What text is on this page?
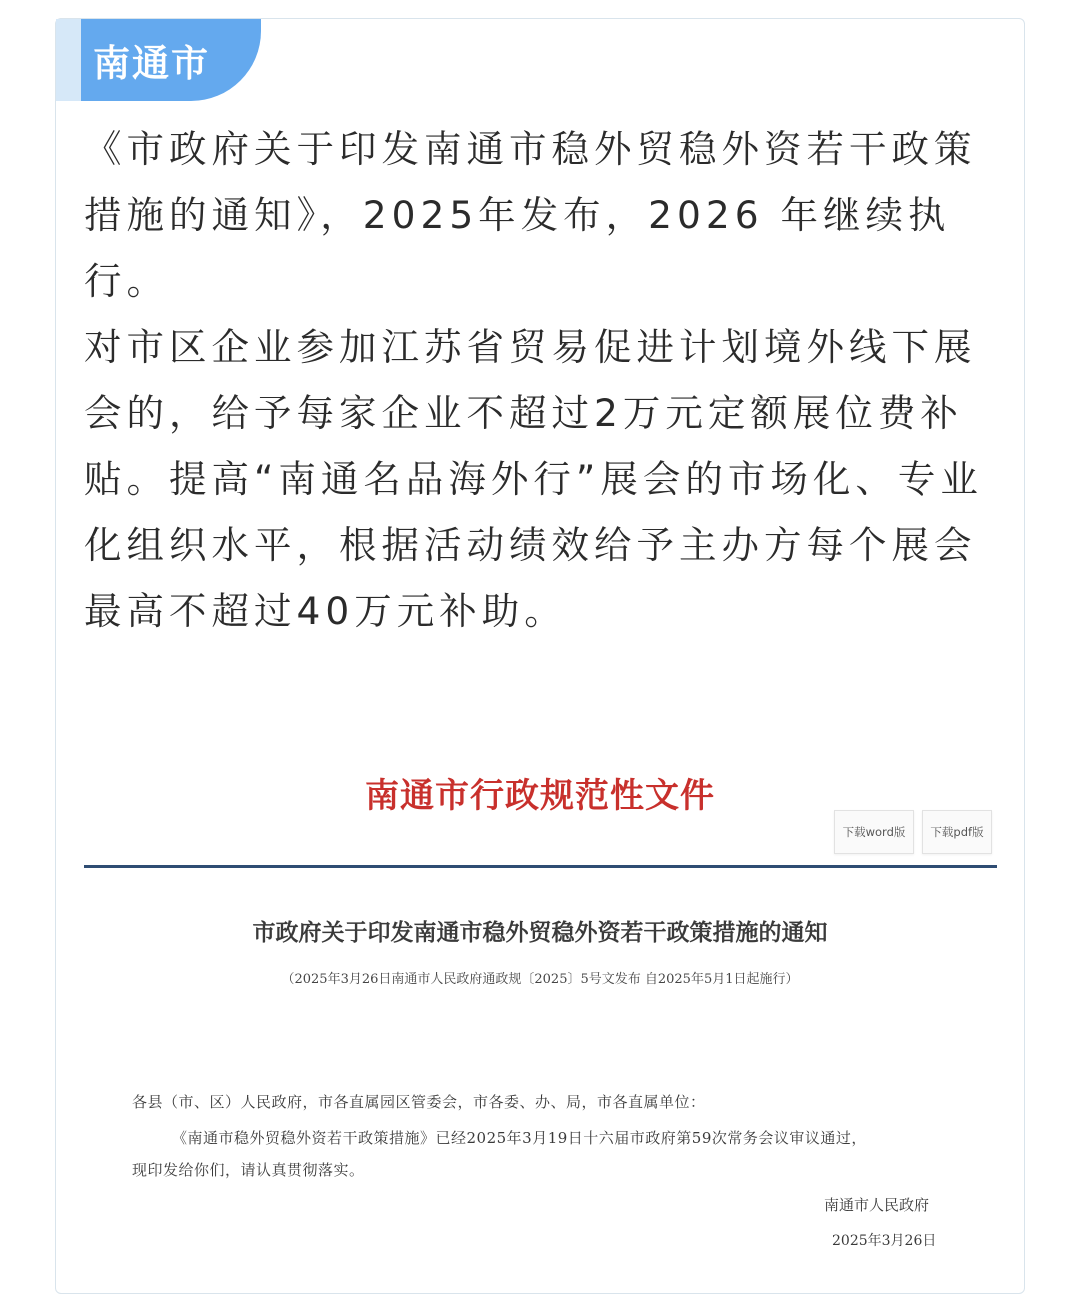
南通市

《市政府关于印发南通市稳外贸稳外资若干政策措施的通知》，2025年发布，2026 年继续执行。

对市区企业参加江苏省贸易促进计划境外线下展会的，给予每家企业不超过2万元定额展位费补贴。提高“南通名品海外行”展会的市场化、专业化组织水平，根据活动绩效给予主办方每个展会最高不超过40万元补助。

南通市行政规范性文件
下载word版	下载pdf版
市政府关于印发南通市稳外贸稳外资若干政策措施的通知
（2025年3月26日南通市人民政府通政规〔2025〕5号文发布 自2025年5月1日起施行）
各县（市、区）人民政府，市各直属园区管委会，市各委、办、局，市各直属单位：
《南通市稳外贸稳外资若干政策措施》已经2025年3月19日十六届市政府第59次常务会议审议通过，
现印发给你们，请认真贯彻落实。
南通市人民政府
2025年3月26日
